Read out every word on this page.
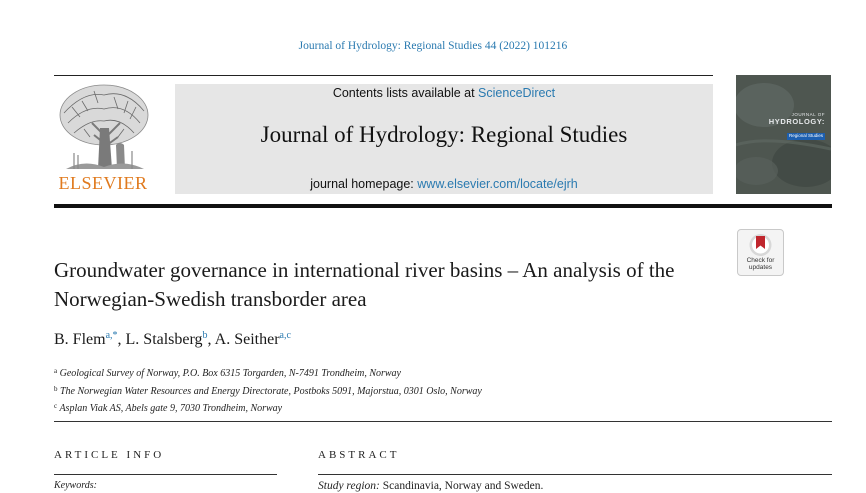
Journal of Hydrology: Regional Studies 44 (2022) 101216
ELSEVIER
Contents lists available at ScienceDirect
Journal of Hydrology: Regional Studies
journal homepage: www.elsevier.com/locate/ejrh
JOURNAL OF
HYDROLOGY:
Regional Studies
Check for
updates
Groundwater governance in international river basins – An analysis of the Norwegian-Swedish transborder area
B. Flem$^{a,*}$, L. Stalsberg$^b$, A. Seither$^{a,c}$
$^a$ Geological Survey of Norway, P.O. Box 6315 Torgarden, N-7491 Trondheim, Norway
$^b$ The Norwegian Water Resources and Energy Directorate, Postboks 5091, Majorstua, 0301 Oslo, Norway
$^c$ Asplan Viak AS, Abels gate 9, 7030 Trondheim, Norway
ARTICLE INFO	ABSTRACT
Keywords:	Study region: Scandinavia, Norway and Sweden.
